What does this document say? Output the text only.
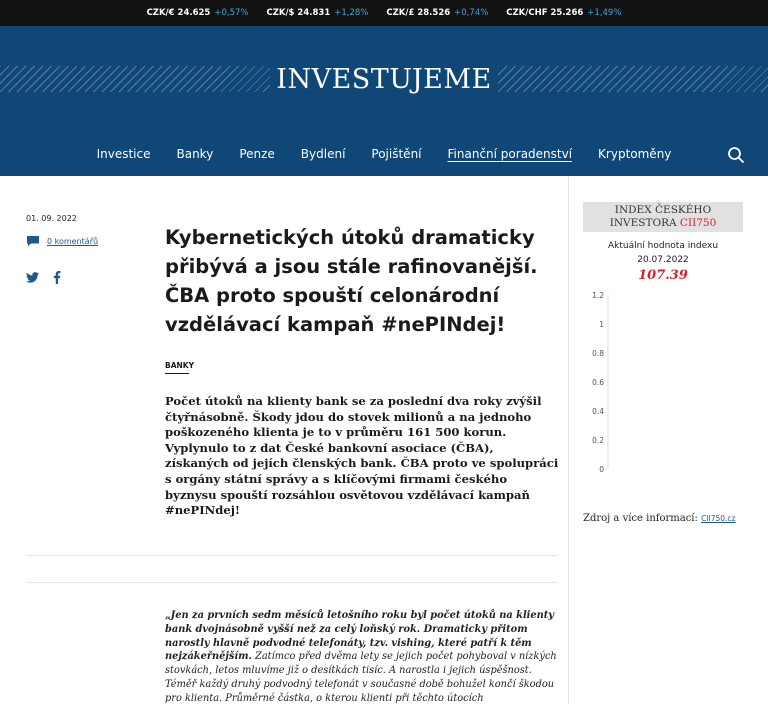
CZK/€ 24.625 +0,57% CZK/$ 24.831 +1,28% CZK/£ 28.526 +0,74% CZK/CHF 25.266 +1,49%
INVESTUJEME
Investice	Banky	Penze	Bydlení	Pojištění	Finanční poradenství	Kryptoměny
01. 09. 2022
0 komentářů	Kybernetických útoků dramaticky přibývá a jsou stále rafinovanější. ČBA proto spouští celonárodní vzdělávací kampaň #nePINdej!
BANKY

Počet útoků na klienty bank se za poslední dva roky zvýšil čtyřnásobně. Škody jdou do stovek milionů a na jednoho poškozeného klienta je to v průměru 161 500 korun. Vyplynulo to z dat České bankovní asociace (ČBA), získaných od jejích členských bank. ČBA proto ve spolupráci s orgány státní správy a s klíčovými firmami českého byznysu spouští rozsáhlou osvětovou vzdělávací kampaň #nePINdej!

„Jen za prvních sedm měsíců letošního roku byl počet útoků na klienty bank dvojnásobně vyšší než za celý loňský rok. Dramaticky přitom narostly hlavně podvodné telefonáty, tzv. vishing, které patří k těm nejzákeřnějším. Zatímco před dvěma lety se jejich počet pohyboval v nízkých stovkách, letos mluvíme již o desítkách tisíc. A narostla i jejich úspěšnost. Téměř každý druhý podvodný telefonát v současné době bohužel končí škodou pro klienta. Průměrné částka, o kterou klienti při těchto útocích

INDEX ČESKÉHO INVESTORA CII750
Aktuální hodnota indexu
20.07.2022
107.39
1.2
1
0.8
0.6
0.4
0.2
0
Zdroj a více informací: CII750.cz
